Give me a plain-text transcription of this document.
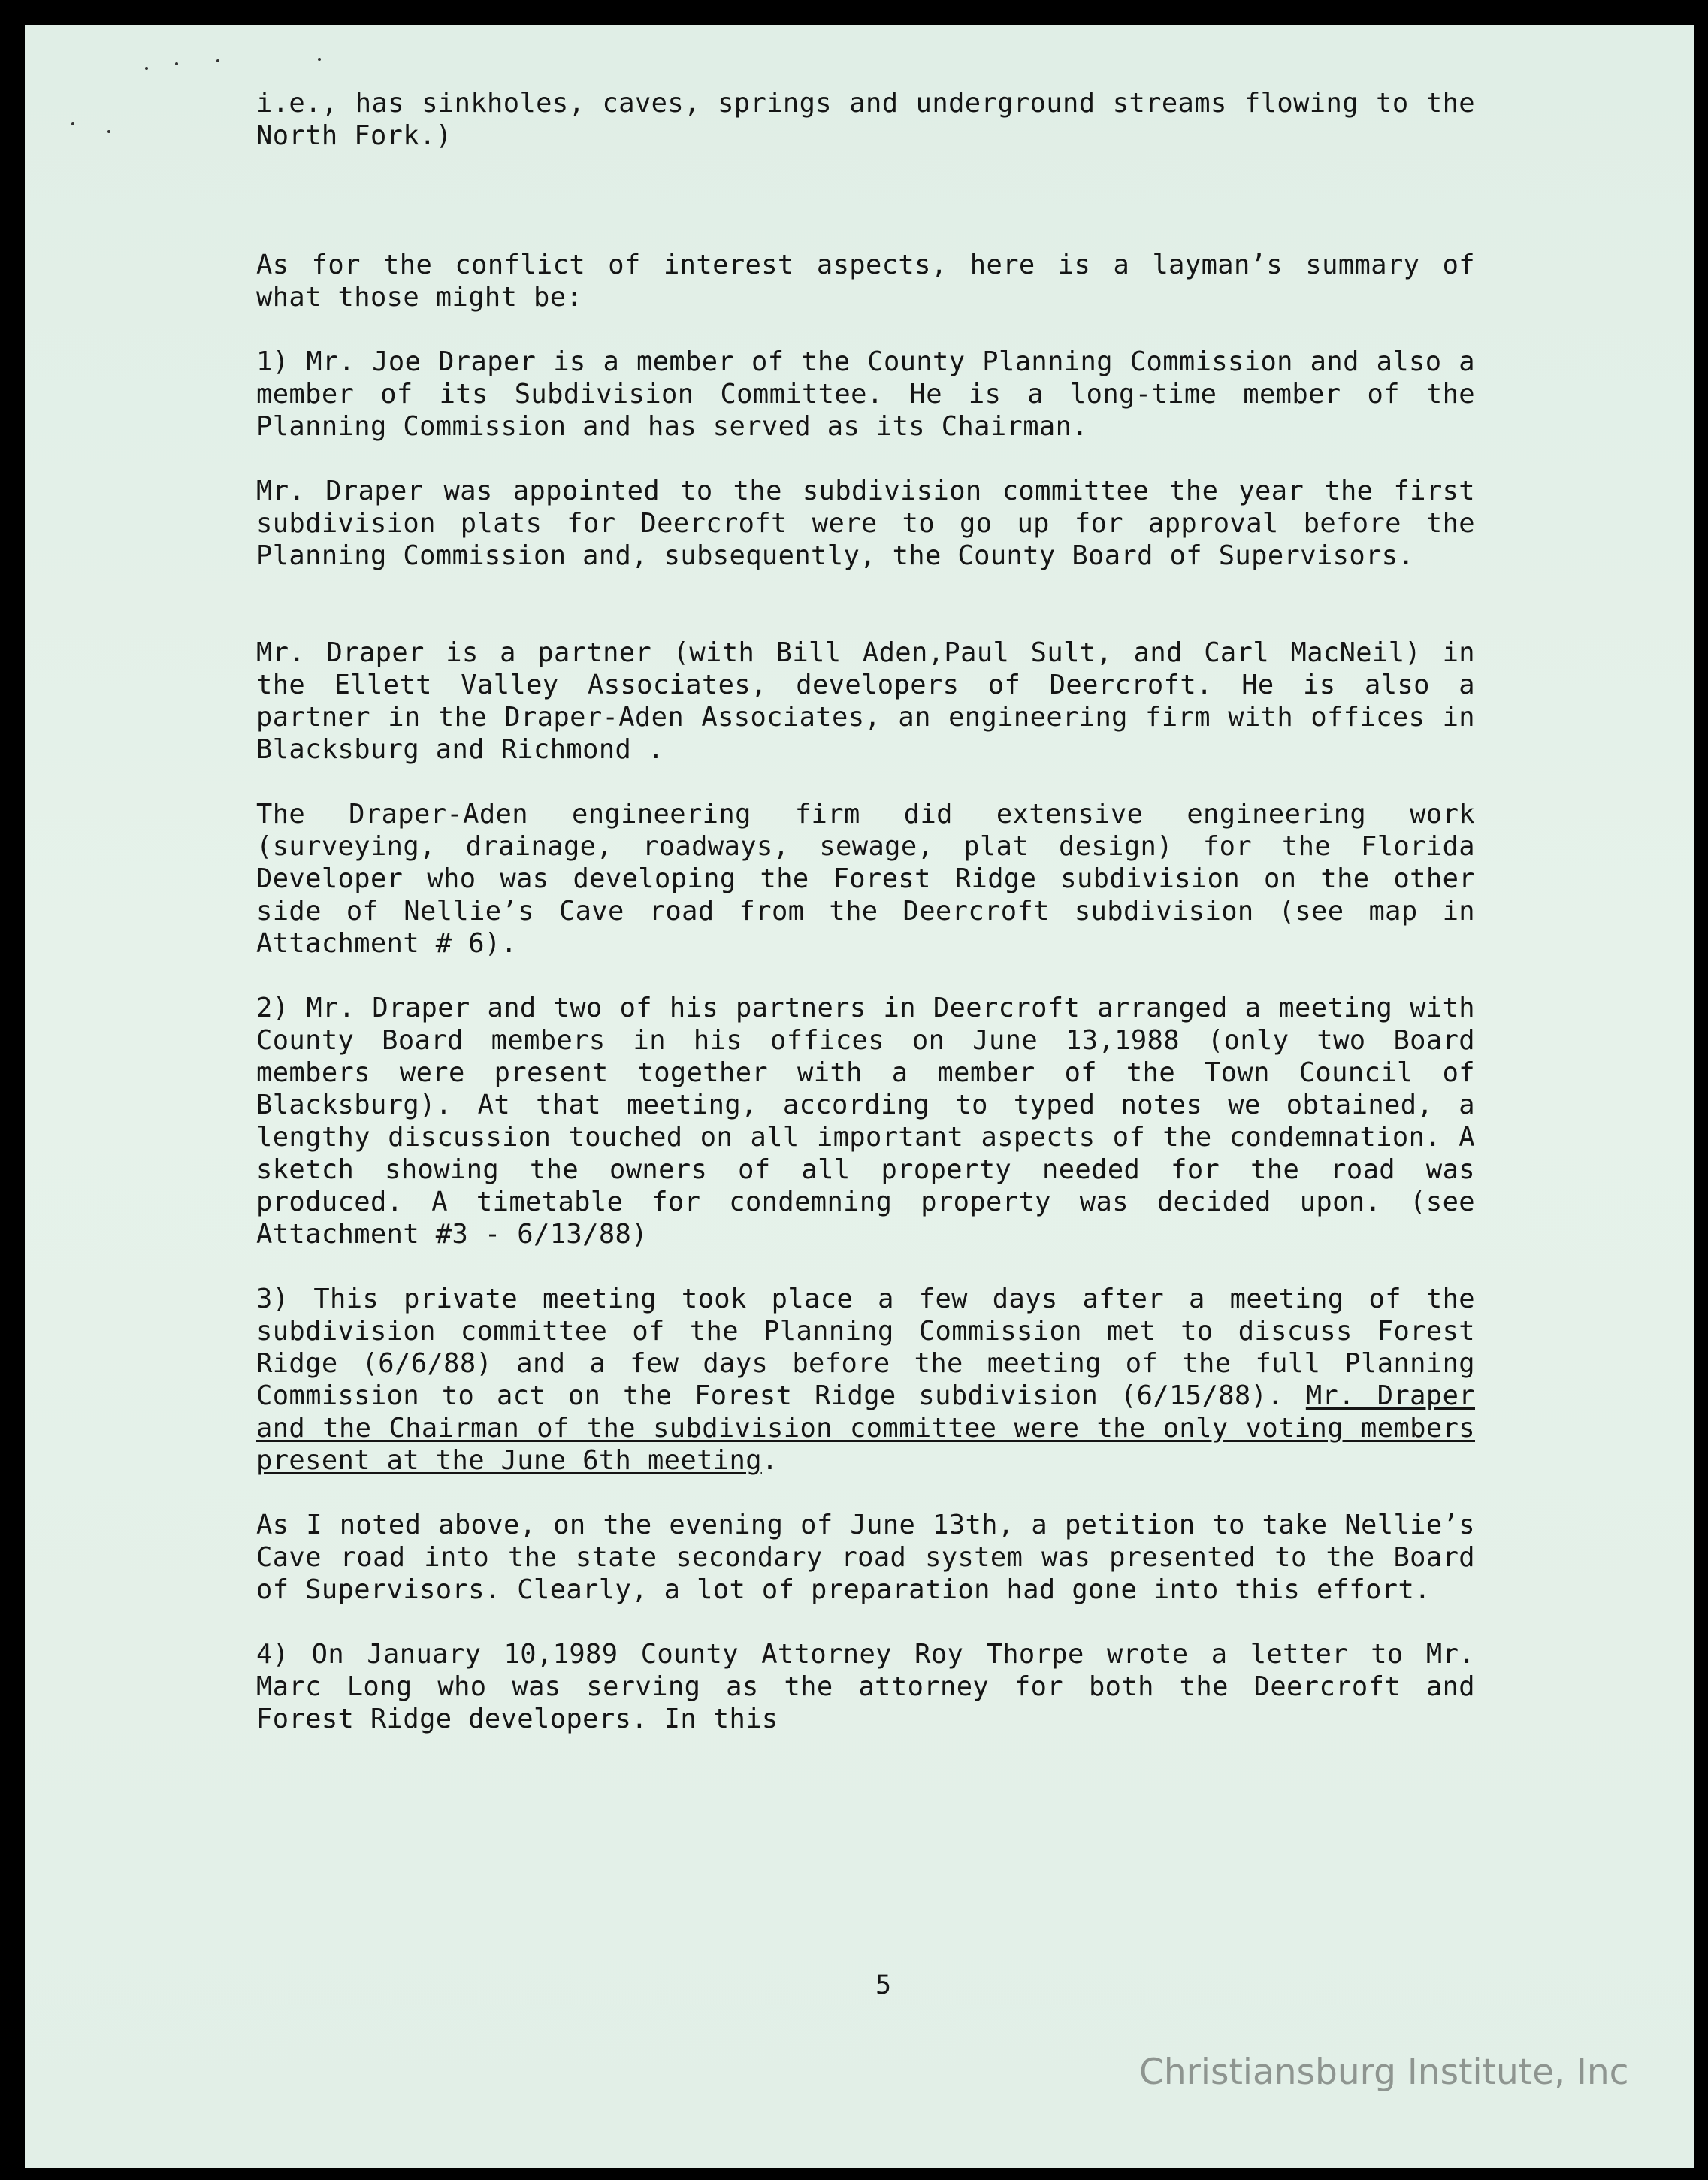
i.e., has sinkholes, caves, springs and underground streams flowing to the North Fork.)

As for the conflict of interest aspects, here is a layman’s summary of what those might be:

1) Mr. Joe Draper is a member of the County Planning Commission and also a member of its Subdivision Committee. He is a long-time member of the Planning Commission and has served as its Chairman.

Mr. Draper was appointed to the subdivision committee the year the first subdivision plats for Deercroft were to go up for approval before the Planning Commission and, subsequently, the County Board of Supervisors.

Mr. Draper is a partner (with Bill Aden,Paul Sult, and Carl MacNeil) in the Ellett Valley Associates, developers of Deercroft. He is also a partner in the Draper-Aden Associates, an engineering firm with offices in Blacksburg and Richmond .

The Draper-Aden engineering firm did extensive engineering work (surveying, drainage, roadways, sewage, plat design) for the Florida Developer who was developing the Forest Ridge subdivision on the other side of Nellie’s Cave road from the Deercroft subdivision (see map in Attachment # 6).

2) Mr. Draper and two of his partners in Deercroft arranged a meeting with County Board members in his offices on June 13,1988 (only two Board members were present together with a member of the Town Council of Blacksburg). At that meeting, according to typed notes we obtained, a lengthy discussion touched on all important aspects of the condemnation. A sketch showing the owners of all property needed for the road was produced. A timetable for condemning property was decided upon. (see Attachment #3 - 6/13/88)

3) This private meeting took place a few days after a meeting of the subdivision committee of the Planning Commission met to discuss Forest Ridge (6/6/88) and a few days before the meeting of the full Planning Commission to act on the Forest Ridge subdivision (6/15/88). Mr. Draper and the Chairman of the subdivision committee were the only voting members present at the June 6th meeting.

As I noted above, on the evening of June 13th, a petition to take Nellie’s Cave road into the state secondary road system was presented to the Board of Supervisors. Clearly, a lot of preparation had gone into this effort.

4) On January 10,1989 County Attorney Roy Thorpe wrote a letter to Mr. Marc Long who was serving as the attorney for both the Deercroft and Forest Ridge developers. In this

5
Christiansburg Institute, Inc
